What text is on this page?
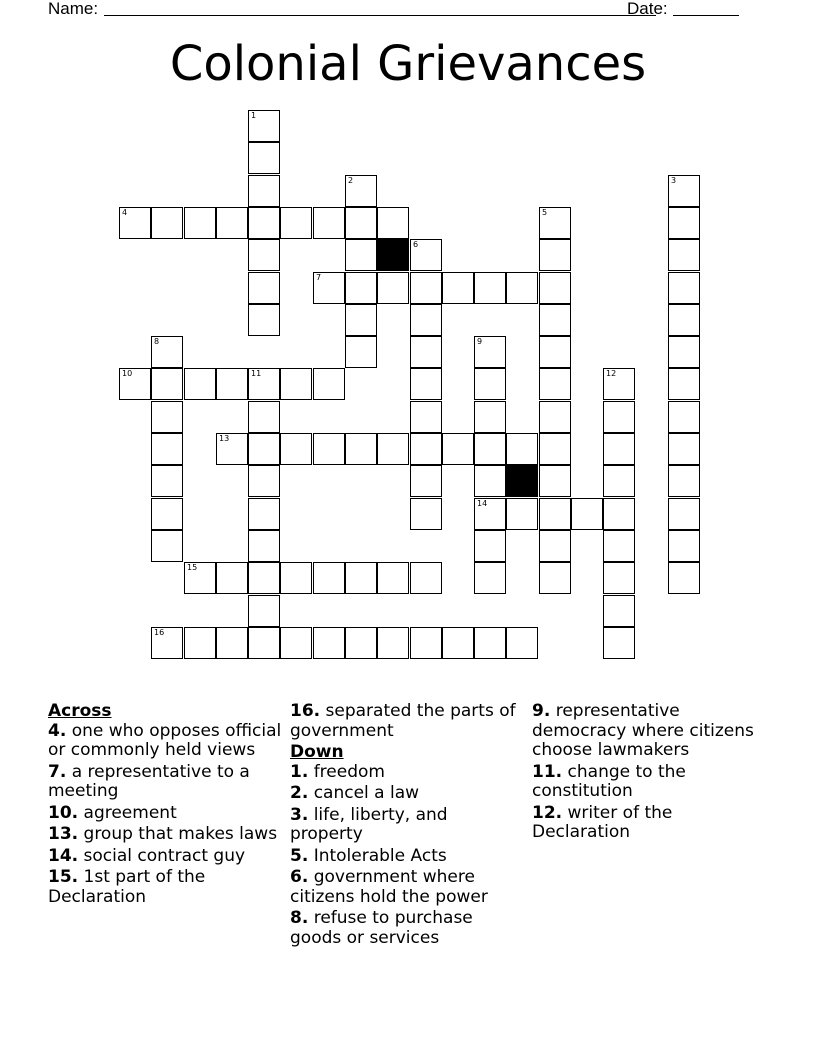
Name:	Date:
Colonial Grievances
1
2	3
4	5
6
7
8	9
10	11	12
13
14
15
16
Across
4. one who opposes official or commonly held views
7. a representative to a meeting
10. agreement
13. group that makes laws
14. social contract guy
15. 1st part of the Declaration
16. separated the parts of government
Down
1. freedom
2. cancel a law
3. life, liberty, and property
5. Intolerable Acts
6. government where citizens hold the power
8. refuse to purchase goods or services
9. representative democracy where citizens choose lawmakers
11. change to the constitution
12. writer of the Declaration
